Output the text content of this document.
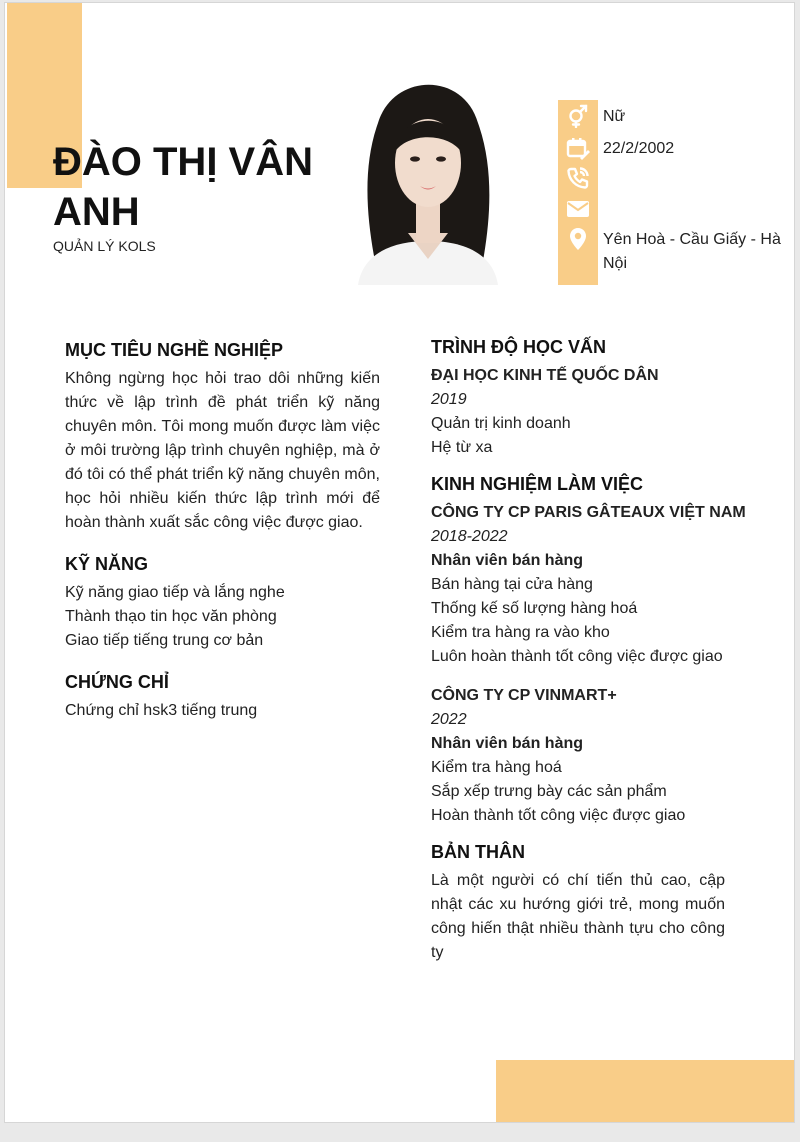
ĐÀO THỊ VÂN ANH
QUẢN LÝ KOLS
Nữ
22/2/2002
Yên Hoà - Cầu Giấy - Hà Nội
MỤC TIÊU NGHỀ NGHIỆP

Không ngừng học hỏi trao dôi những kiến thức về lập trình đề phát triển kỹ năng chuyên môn. Tôi mong muốn được làm việc ở môi trường lập trình chuyên nghiệp, mà ở đó tôi có thể phát triển kỹ năng chuyên môn, học hỏi nhiều kiến thức lập trình mới để hoàn thành xuất sắc công việc được giao.

KỸ NĂNG
Kỹ năng giao tiếp và lắng nghe
Thành thạo tin học văn phòng
Giao tiếp tiếng trung cơ bản
CHỨNG CHỈ
Chứng chỉ hsk3 tiếng trung
TRÌNH ĐỘ HỌC VẤN
ĐẠI HỌC KINH TẾ QUỐC DÂN
2019
Quản trị kinh doanh
Hệ từ xa
KINH NGHIỆM LÀM VIỆC
CÔNG TY CP PARIS GÂTEAUX VIỆT NAM
2018-2022
Nhân viên bán hàng
Bán hàng tại cửa hàng
Thống kế số lượng hàng hoá
Kiểm tra hàng ra vào kho
Luôn hoàn thành tốt công việc được giao
CÔNG TY CP VINMART+
2022
Nhân viên bán hàng
Kiểm tra hàng hoá
Sắp xếp trưng bày các sản phẩm
Hoàn thành tốt công việc được giao
BẢN THÂN

Là một người có chí tiến thủ cao, cập nhật các xu hướng giới trẻ, mong muốn công hiến thật nhiều thành tựu cho công ty
